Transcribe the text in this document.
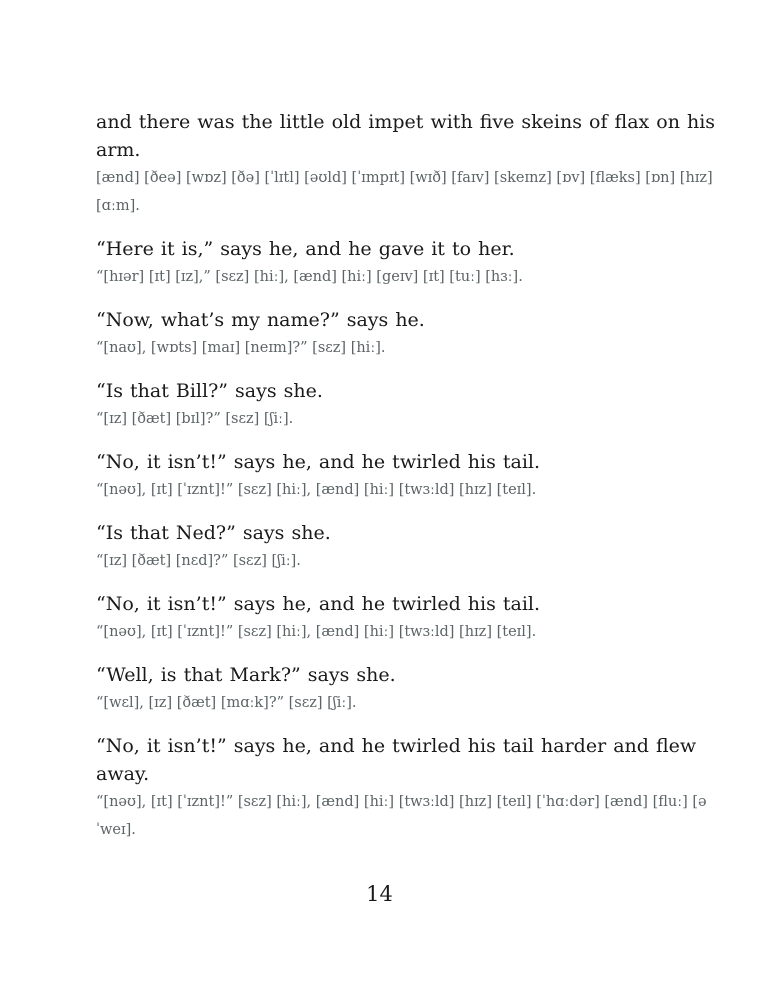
and there was the little old impet with five skeins of flax on his arm.

[ænd] [ðeə] [wɒz] [ðə] [ˈlɪtl] [əʊld] [ˈɪmpɪt] [wɪð] [faɪv] [skeɪnz] [ɒv] [flæks] [ɒn] [hɪz] [ɑːm].

“Here it is,” says he, and he gave it to her.

“[hɪər] [ɪt] [ɪz],” [sɛz] [hiː], [ænd] [hiː] [geɪv] [ɪt] [tuː] [hɜː].

“Now, what’s my name?” says he.

“[naʊ], [wɒts] [maɪ] [neɪm]?” [sɛz] [hiː].

“Is that Bill?” says she.

“[ɪz] [ðæt] [bɪl]?” [sɛz] [ʃiː].

“No, it isn’t!” says he, and he twirled his tail.

“[nəʊ], [ɪt] [ˈɪznt]!” [sɛz] [hiː], [ænd] [hiː] [twɜːld] [hɪz] [teɪl].

“Is that Ned?” says she.

“[ɪz] [ðæt] [nɛd]?” [sɛz] [ʃiː].

“No, it isn’t!” says he, and he twirled his tail.

“[nəʊ], [ɪt] [ˈɪznt]!” [sɛz] [hiː], [ænd] [hiː] [twɜːld] [hɪz] [teɪl].

“Well, is that Mark?” says she.

“[wɛl], [ɪz] [ðæt] [mɑːk]?” [sɛz] [ʃiː].

“No, it isn’t!” says he, and he twirled his tail harder and flew away.

“[nəʊ], [ɪt] [ˈɪznt]!” [sɛz] [hiː], [ænd] [hiː] [twɜːld] [hɪz] [teɪl] [ˈhɑːdər] [ænd] [fluː] [əˈweɪ].

14
